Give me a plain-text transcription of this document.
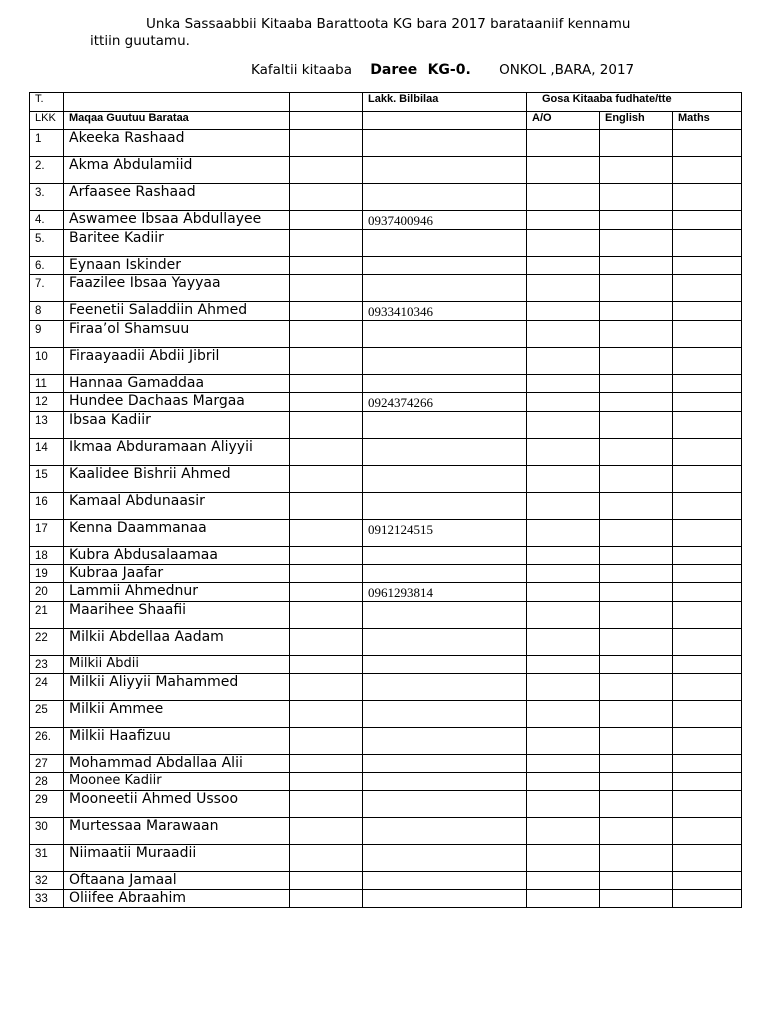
Unka Sassaabbii Kitaaba Barattoota KG bara 2017 barataaniif kennamu
ittiin guutamu.
Kafaltii kitaaba Daree KG-0. ONKOL ,BARA, 2017
T.			Lakk. Bilbilaa	Gosa Kitaaba fudhate/tte		
LKK	Maqaa Guutuu Barataa			A/O	English	Maths
1	Akeeka Rashaad					
2.	Akma Abdulamiid					
3.	Arfaasee Rashaad					
4.	Aswamee Ibsaa Abdullayee		0937400946			
5.	Baritee Kadiir					
6.	Eynaan Iskinder					
7.	Faazilee Ibsaa Yayyaa					
8	Feenetii Saladdiin Ahmed		0933410346			
9	Firaa’ol Shamsuu					
10	Firaayaadii Abdii Jibril					
11	Hannaa Gamaddaa					
12	Hundee Dachaas Margaa		0924374266			
13	Ibsaa Kadiir					
14	Ikmaa Abduramaan Aliyyii					
15	Kaalidee Bishrii Ahmed					
16	Kamaal Abdunaasir					
17	Kenna Daammanaa		0912124515			
18	Kubra Abdusalaamaa					
19	Kubraa Jaafar					
20	Lammii Ahmednur		0961293814			
21	Maarihee Shaafii					
22	Milkii Abdellaa Aadam					
23	Milkii Abdii					
24	Milkii Aliyyii Mahammed					
25	Milkii Ammee					
26.	Milkii Haafizuu					
27	Mohammad Abdallaa Alii					
28	Moonee Kadiir					
29	Mooneetii Ahmed Ussoo					
30	Murtessaa Marawaan					
31	Niimaatii Muraadii					
32	Oftaana Jamaal					
33	Oliifee Abraahim					
